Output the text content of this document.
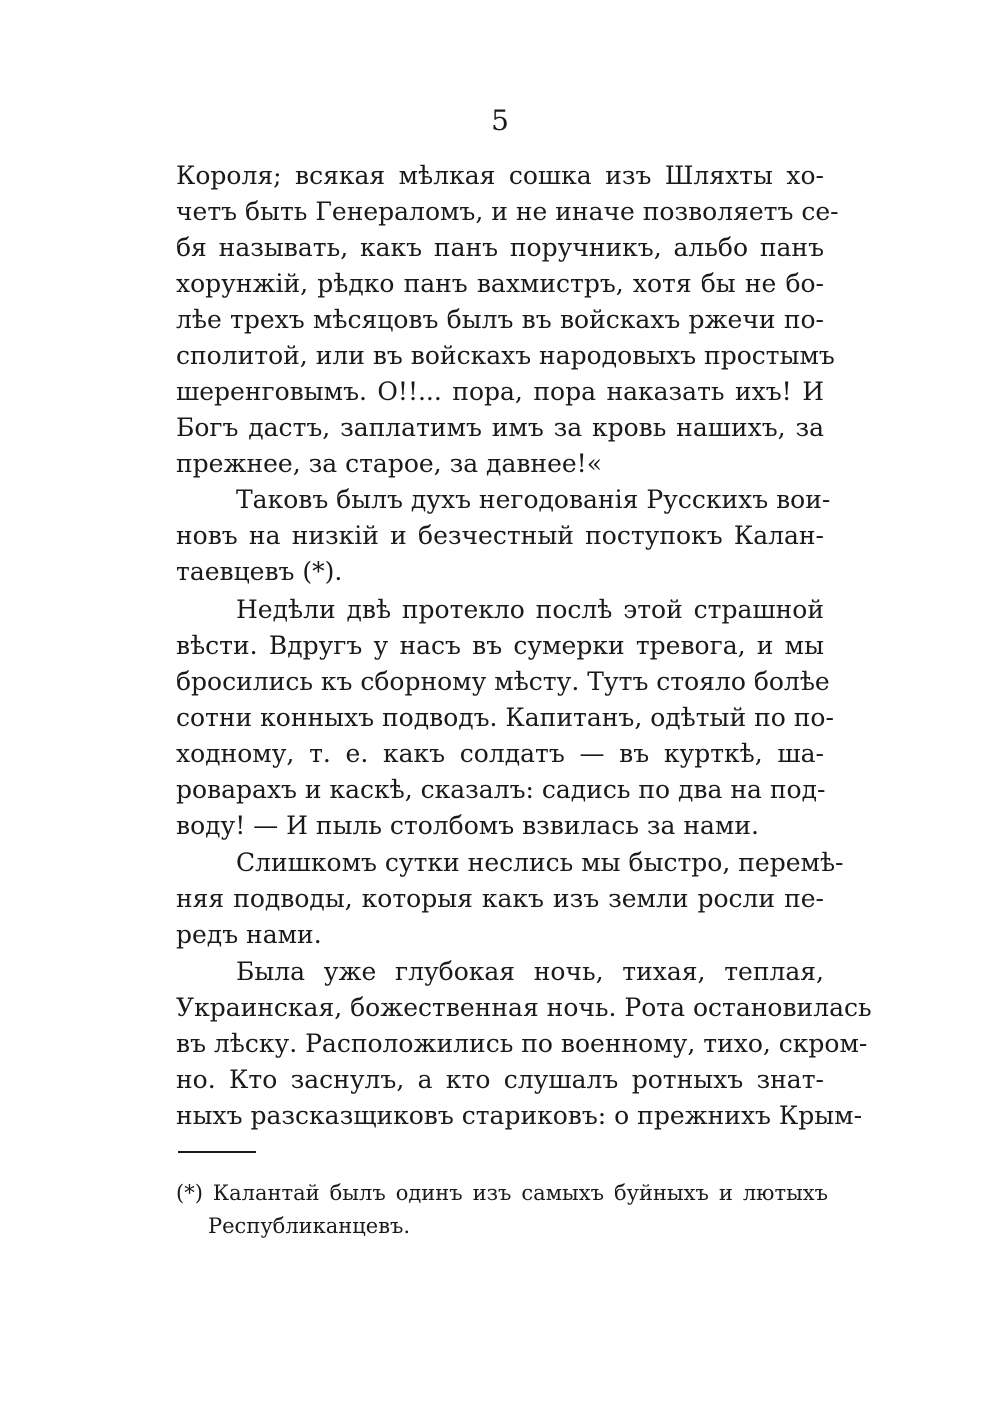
5
Короля; всякая мѣлкая сошка изъ Шляхты хо-
четъ быть Генераломъ, и не иначе позволяетъ се-
бя называть, какъ панъ поручникъ, альбо панъ
хорунжій, рѣдко панъ вахмистръ, хотя бы не бо-
лѣе трехъ мѣсяцовъ былъ въ войскахъ ржечи по-
сполитой, или въ войскахъ народовыхъ простымъ
шеренговымъ. О!!... пора, пора наказать ихъ! И
Богъ дастъ, заплатимъ имъ за кровь нашихъ, за
прежнее, за старое, за давнее!«
Таковъ былъ духъ негодованія Русскихъ вои-
новъ на низкій и безчестный поступокъ Калан-
таевцевъ (*).
Недѣли двѣ протекло послѣ этой страшной
вѣсти. Вдругъ у насъ въ сумерки тревога, и мы
бросились къ сборному мѣсту. Тутъ стояло болѣе
сотни конныхъ подводъ. Капитанъ, одѣтый по по-
ходному, т. е. какъ солдатъ — въ курткѣ, ша-
роварахъ и каскѣ, сказалъ: садись по два на под-
воду! — И пыль столбомъ взвилась за нами.
Слишкомъ сутки неслись мы быстро, перемѣ-
няя подводы, которыя какъ изъ земли росли пе-
редъ нами.
Была уже глубокая ночь, тихая, теплая,
Украинская, божественная ночь. Рота остановилась
въ лѣску. Расположились по военному, тихо, скром-
но. Кто заснулъ, а кто слушалъ ротныхъ знат-
ныхъ разсказщиковъ стариковъ: о прежнихъ Крым-
(*) Калантай былъ одинъ изъ самыхъ буйныхъ и лютыхъ
Республиканцевъ.
